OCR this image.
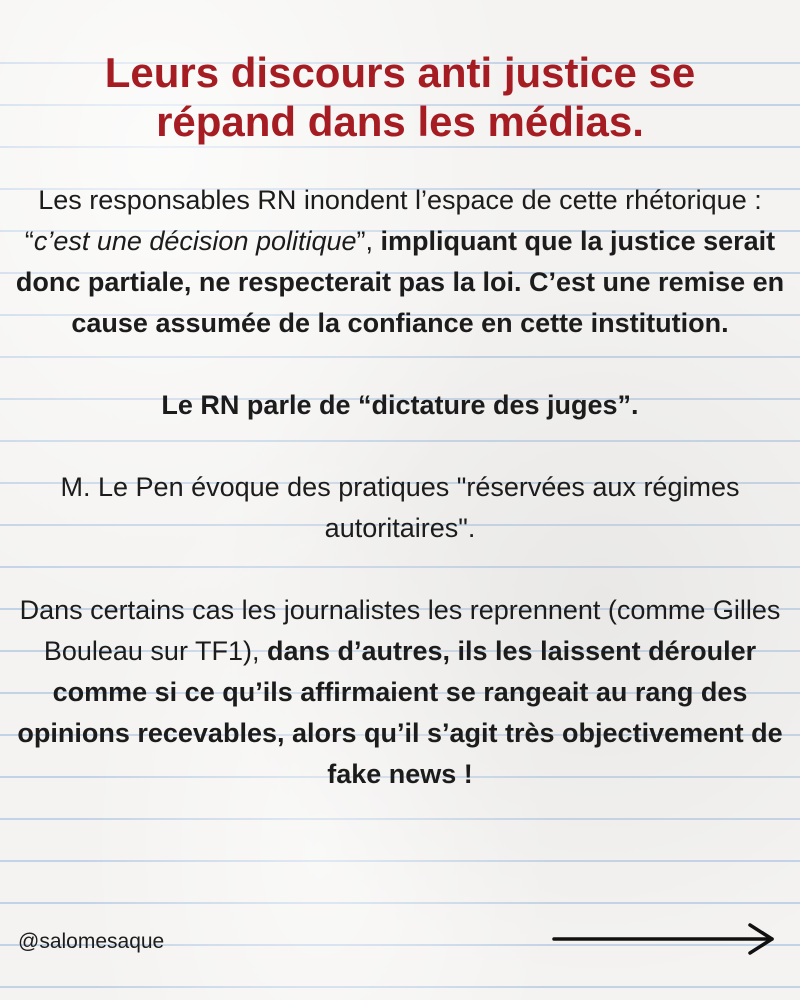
Leurs discours anti justice se répand dans les médias.

Les responsables RN inondent l’espace de cette rhétorique : “c’est une décision politique”, impliquant que la justice serait donc partiale, ne respecterait pas la loi. C’est une remise en cause assumée de la confiance en cette institution.

Le RN parle de “dictature des juges”.

M. Le Pen évoque des pratiques "réservées aux régimes autoritaires".

Dans certains cas les journalistes les reprennent (comme Gilles Bouleau sur TF1), dans d’autres, ils les laissent dérouler comme si ce qu’ils affirmaient se rangeait au rang des opinions recevables, alors qu’il s’agit très objectivement de fake news !

@salomesaque
